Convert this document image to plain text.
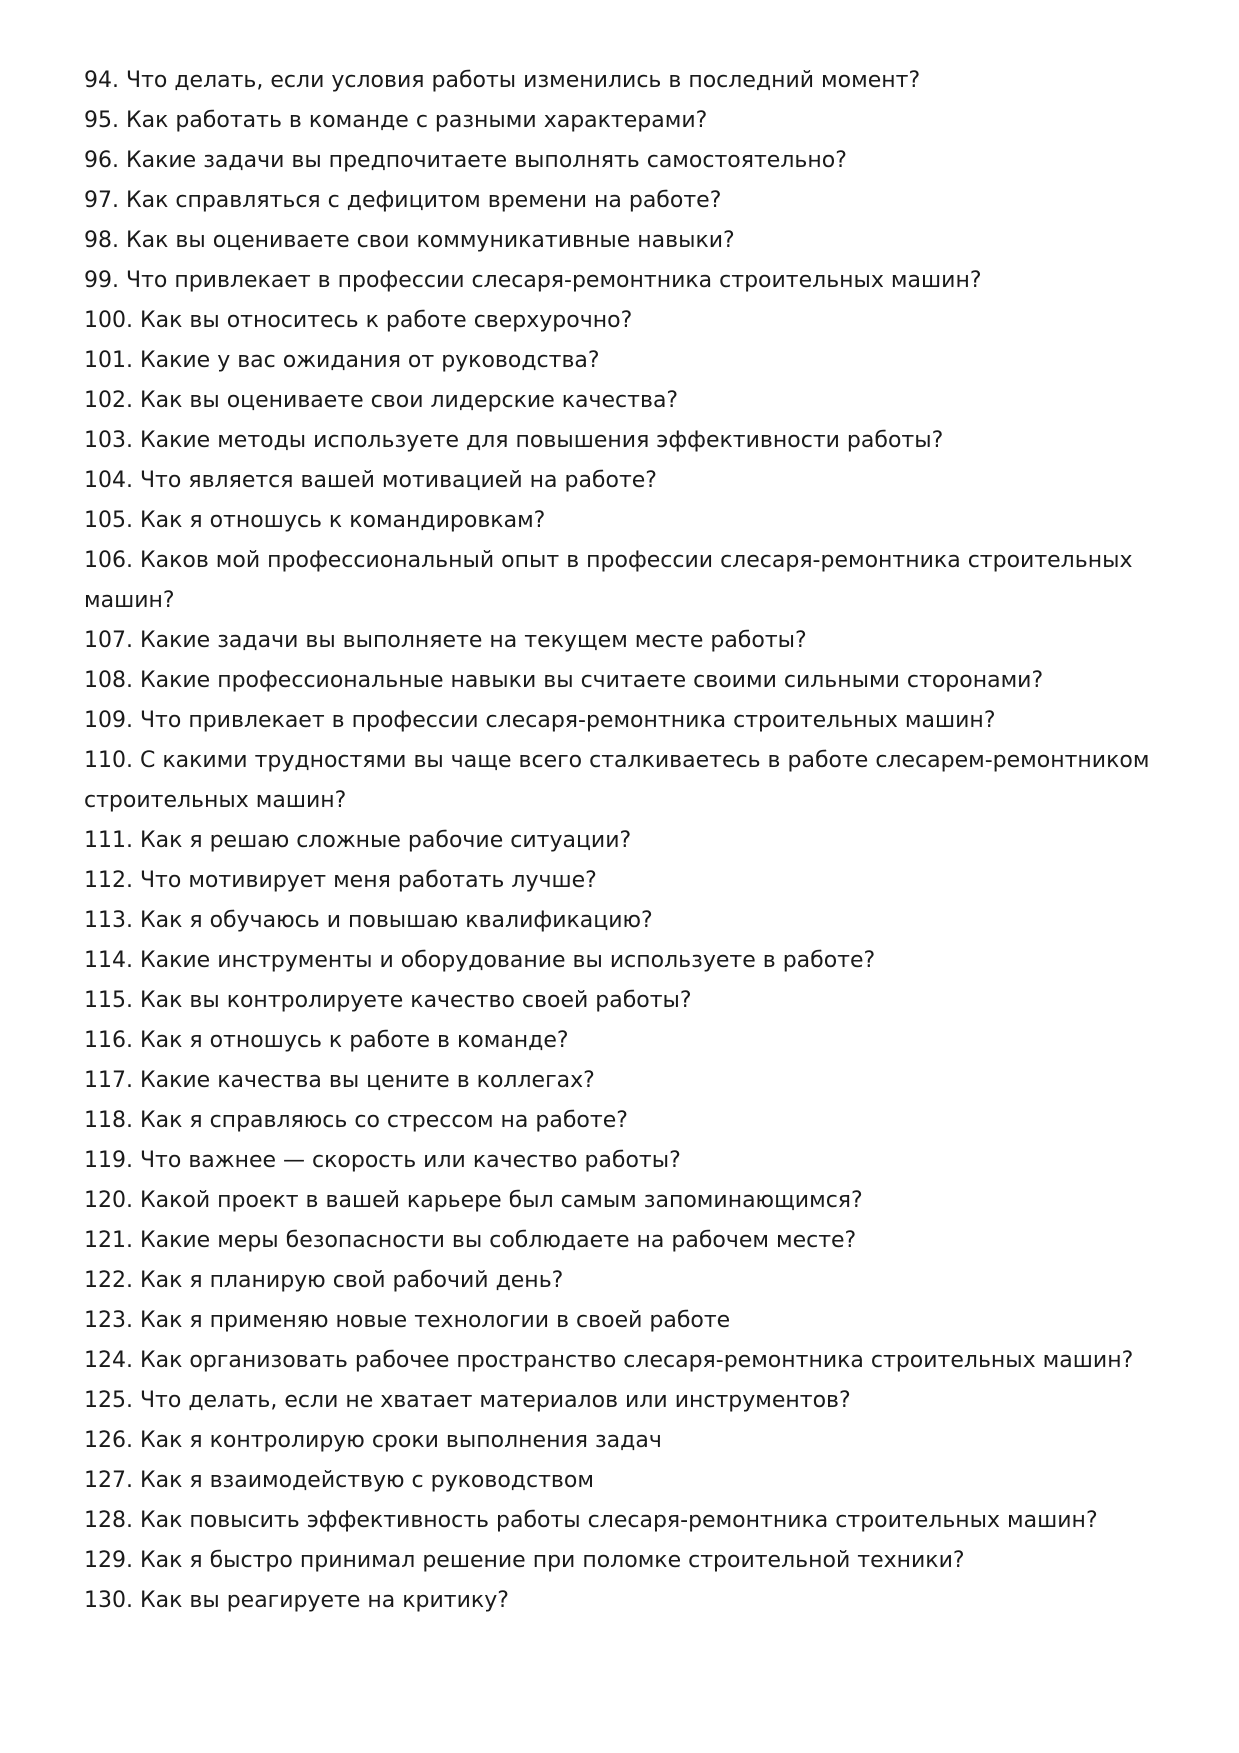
94. Что делать, если условия работы изменились в последний момент?
95. Как работать в команде с разными характерами?
96. Какие задачи вы предпочитаете выполнять самостоятельно?
97. Как справляться с дефицитом времени на работе?
98. Как вы оцениваете свои коммуникативные навыки?
99. Что привлекает в профессии слесаря-ремонтника строительных машин?
100. Как вы относитесь к работе сверхурочно?
101. Какие у вас ожидания от руководства?
102. Как вы оцениваете свои лидерские качества?
103. Какие методы используете для повышения эффективности работы?
104. Что является вашей мотивацией на работе?
105. Как я отношусь к командировкам?
106. Каков мой профессиональный опыт в профессии слесаря-ремонтника строительных машин?
107. Какие задачи вы выполняете на текущем месте работы?
108. Какие профессиональные навыки вы считаете своими сильными сторонами?
109. Что привлекает в профессии слесаря-ремонтника строительных машин?
110. С какими трудностями вы чаще всего сталкиваетесь в работе слесарем-ремонтником строительных машин?
111. Как я решаю сложные рабочие ситуации?
112. Что мотивирует меня работать лучше?
113. Как я обучаюсь и повышаю квалификацию?
114. Какие инструменты и оборудование вы используете в работе?
115. Как вы контролируете качество своей работы?
116. Как я отношусь к работе в команде?
117. Какие качества вы цените в коллегах?
118. Как я справляюсь со стрессом на работе?
119. Что важнее — скорость или качество работы?
120. Какой проект в вашей карьере был самым запоминающимся?
121. Какие меры безопасности вы соблюдаете на рабочем месте?
122. Как я планирую свой рабочий день?
123. Как я применяю новые технологии в своей работе
124. Как организовать рабочее пространство слесаря-ремонтника строительных машин?
125. Что делать, если не хватает материалов или инструментов?
126. Как я контролирую сроки выполнения задач
127. Как я взаимодействую с руководством
128. Как повысить эффективность работы слесаря-ремонтника строительных машин?
129. Как я быстро принимал решение при поломке строительной техники?
130. Как вы реагируете на критику?
